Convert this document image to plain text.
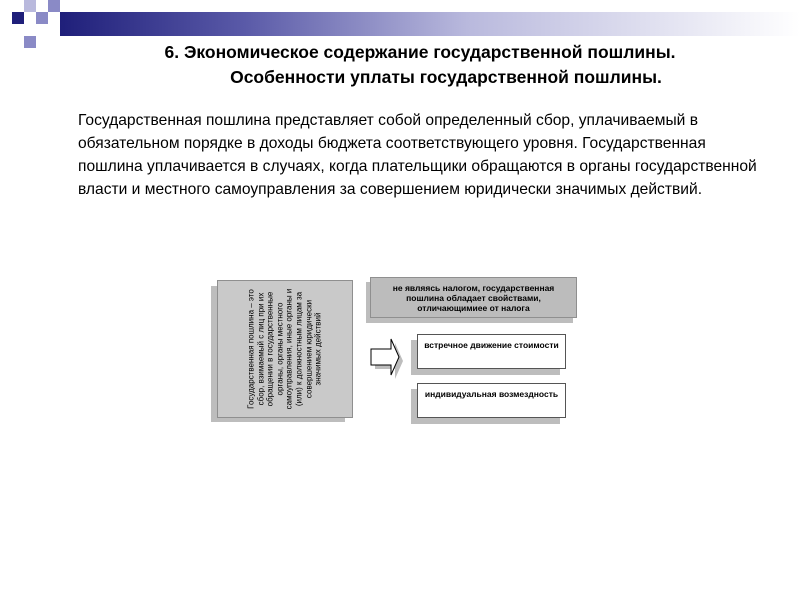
6. Экономическое содержание государственной пошлины.
Особенности уплаты государственной пошлины.
Государственная пошлина представляет собой определенный сбор, уплачиваемый в обязательном порядке в доходы бюджета соответствующего уровня. Государственная пошлина уплачивается в случаях, когда плательщики обращаются в органы государственной власти и местного самоуправления за совершением юридически значимых действий.
Государственная пошлина – это сбор, взимаемый с лиц при их обращении в государственные органы, органы местного самоуправления, иные органы и (или) к должностным лицам за совершением юридически значимых действий
не являясь налогом, государственная пошлина обладает свойствами, отличающимиее от налога
встречное движение стоимости
индивидуальная возмездность
